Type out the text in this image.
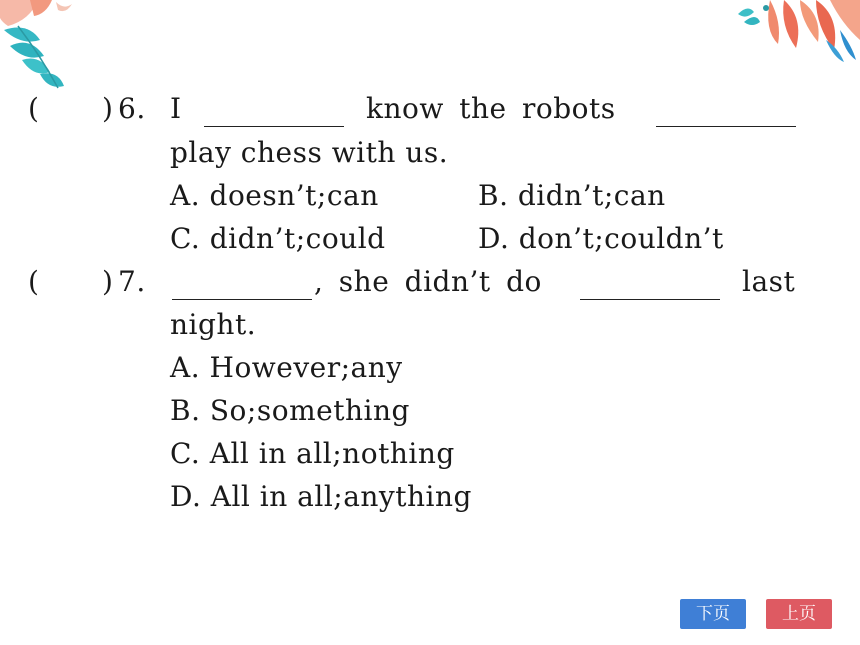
( ) 6. I	know the robots
play chess with us.
A. doesn’t;can	B. didn’t;can
C. didn’t;could	D. don’t;couldn’t
( ) 7.	, she didn’t do	last
night.
A. However;any
B. So;something
C. All in all;nothing
D. All in all;anything
下页	上页
